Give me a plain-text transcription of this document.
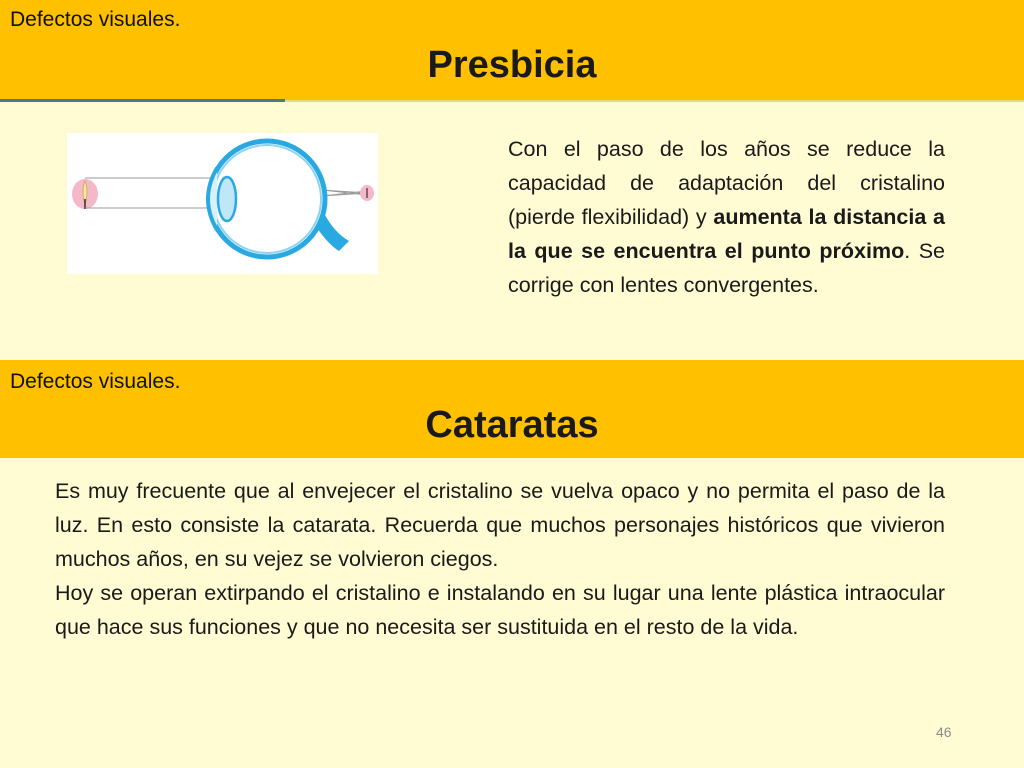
Defectos visuales.
Presbicia
Con el paso de los años se reduce la capacidad de adaptación del cristalino (pierde flexibilidad) y aumenta la distancia a la que se encuentra el punto próximo. Se corrige con lentes convergentes.
Defectos visuales.
Cataratas
Es muy frecuente que al envejecer el cristalino se vuelva opaco y no permita el paso de la luz. En esto consiste la catarata. Recuerda que muchos personajes históricos que vivieron muchos años, en su vejez se volvieron ciegos.
Hoy se operan extirpando el cristalino e instalando en su lugar una lente plástica intraocular que hace sus funciones y que no necesita ser sustituida en el resto de la vida.
46
